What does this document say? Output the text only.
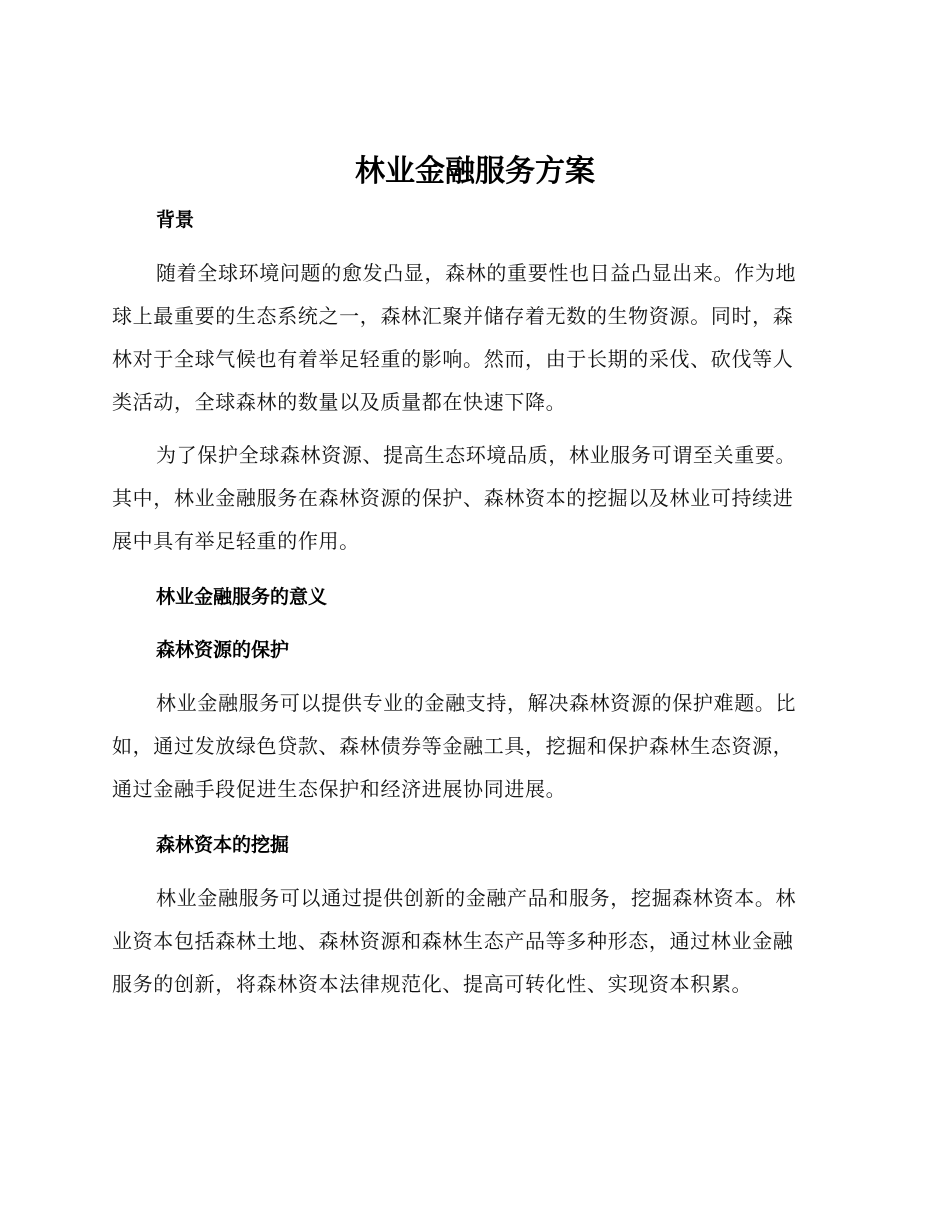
林业金融服务方案
背景

随着全球环境问题的愈发凸显，森林的重要性也日益凸显出来。作为地
球上最重要的生态系统之一，森林汇聚并储存着无数的生物资源。同时，森
林对于全球气候也有着举足轻重的影响。然而，由于长期的采伐、砍伐等人
类活动，全球森林的数量以及质量都在快速下降。

为了保护全球森林资源、提高生态环境品质，林业服务可谓至关重要。
其中，林业金融服务在森林资源的保护、森林资本的挖掘以及林业可持续进
展中具有举足轻重的作用。

林业金融服务的意义
森林资源的保护

林业金融服务可以提供专业的金融支持，解决森林资源的保护难题。比
如，通过发放绿色贷款、森林债券等金融工具，挖掘和保护森林生态资源，
通过金融手段促进生态保护和经济进展协同进展。

森林资本的挖掘

林业金融服务可以通过提供创新的金融产品和服务，挖掘森林资本。林
业资本包括森林土地、森林资源和森林生态产品等多种形态，通过林业金融
服务的创新，将森林资本法律规范化、提高可转化性、实现资本积累。
